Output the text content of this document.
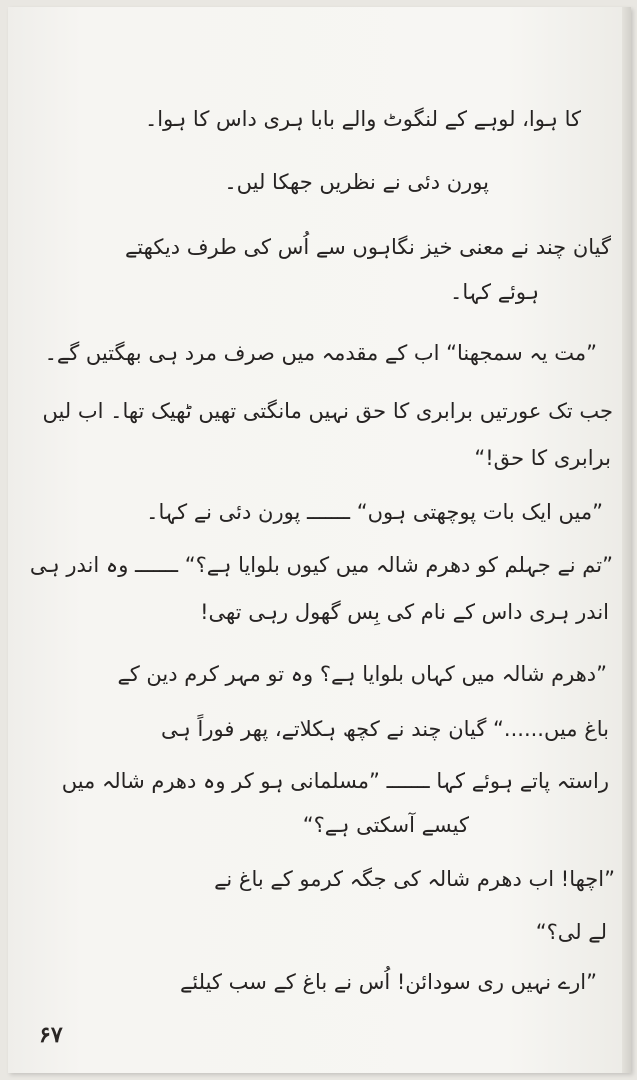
کا ہوا، لوہے کے لنگوٹ والے بابا ہری داس کا ہوا۔
پورن دئی نے نظریں جھکا لیں۔
گیان چند نے معنی خیز نگاہوں سے اُس کی طرف دیکھتے
ہوئے کہا۔
”مت یہ سمجھنا“ اب کے مقدمہ میں صرف مرد ہی بھگتیں گے۔
جب تک عورتیں برابری کا حق نہیں مانگتی تھیں ٹھیک تھا۔ اب لیں
برابری کا حق!“
”میں ایک بات پوچھتی ہوں“ ـــــــ پورن دئی نے کہا۔
”تم نے جہلم کو دھرم شالہ میں کیوں بلوایا ہے؟“ ـــــــ وہ اندر ہی
اندر ہری داس کے نام کی بِس گھول رہی تھی!
”دھرم شالہ میں کہاں بلوایا ہے؟ وہ تو مہر کرم دین کے
باغ میں......“ گیان چند نے کچھ ہکلاتے، پھر فوراً ہی
راستہ پاتے ہوئے کہا ـــــــ ”مسلمانی ہو کر وہ دھرم شالہ میں
کیسے آسکتی ہے؟“
”اچھا! اب دھرم شالہ کی جگہ کرمو کے باغ نے
لے لی؟“
”ارے نہیں ری سودائن! اُس نے باغ کے سب کیلئے
۶۷
